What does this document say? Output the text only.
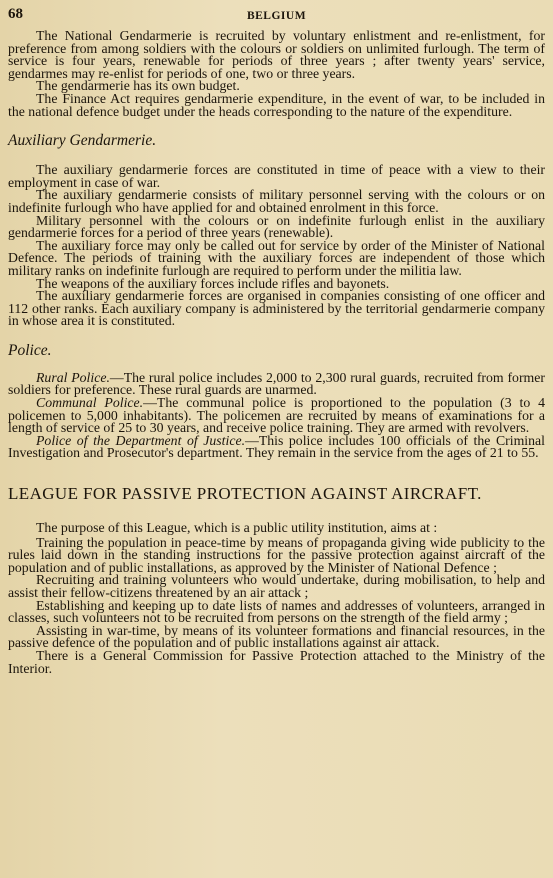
68	BELGIUM

The National Gendarmerie is recruited by voluntary enlistment and re-enlistment, for preference from among soldiers with the colours or soldiers on unlimited furlough. The term of service is four years, renewable for periods of three years ; after twenty years' service, gendarmes may re-enlist for periods of one, two or three years.

The gendarmerie has its own budget.

The Finance Act requires gendarmerie expenditure, in the event of war, to be included in the national defence budget under the heads corresponding to the nature of the expenditure.

Auxiliary Gendarmerie.

The auxiliary gendarmerie forces are constituted in time of peace with a view to their employment in case of war.

The auxiliary gendarmerie consists of military personnel serving with the colours or on indefinite furlough who have applied for and obtained enrolment in this force.

Military personnel with the colours or on indefinite furlough enlist in the auxiliary gendarmerie forces for a period of three years (renewable).

The auxiliary force may only be called out for service by order of the Minister of National Defence. The periods of training with the auxiliary forces are independent of those which military ranks on indefinite furlough are required to perform under the militia law.

The weapons of the auxiliary forces include rifles and bayonets.

The auxiliary gendarmerie forces are organised in companies consisting of one officer and 112 other ranks. Each auxiliary company is administered by the territorial gendarmerie company in whose area it is constituted.

Police.

Rural Police.—The rural police includes 2,000 to 2,300 rural guards, recruited from former soldiers for preference. These rural guards are unarmed.

Communal Police.—The communal police is proportioned to the population (3 to 4 policemen to 5,000 inhabitants). The policemen are recruited by means of examinations for a length of service of 25 to 30 years, and receive police training. They are armed with revolvers.

Police of the Department of Justice.—This police includes 100 officials of the Criminal Investigation and Prosecutor's department. They remain in the service from the ages of 21 to 55.

LEAGUE FOR PASSIVE PROTECTION AGAINST AIRCRAFT.

The purpose of this League, which is a public utility institution, aims at :

Training the population in peace-time by means of propaganda giving wide publicity to the rules laid down in the standing instructions for the passive protection against aircraft of the population and of public installations, as approved by the Minister of National Defence ;

Recruiting and training volunteers who would undertake, during mobilisation, to help and assist their fellow-citizens threatened by an air attack ;

Establishing and keeping up to date lists of names and addresses of volunteers, arranged in classes, such volunteers not to be recruited from persons on the strength of the field army ;

Assisting in war-time, by means of its volunteer formations and financial resources, in the passive defence of the population and of public installations against air attack.

There is a General Commission for Passive Protection attached to the Ministry of the Interior.
